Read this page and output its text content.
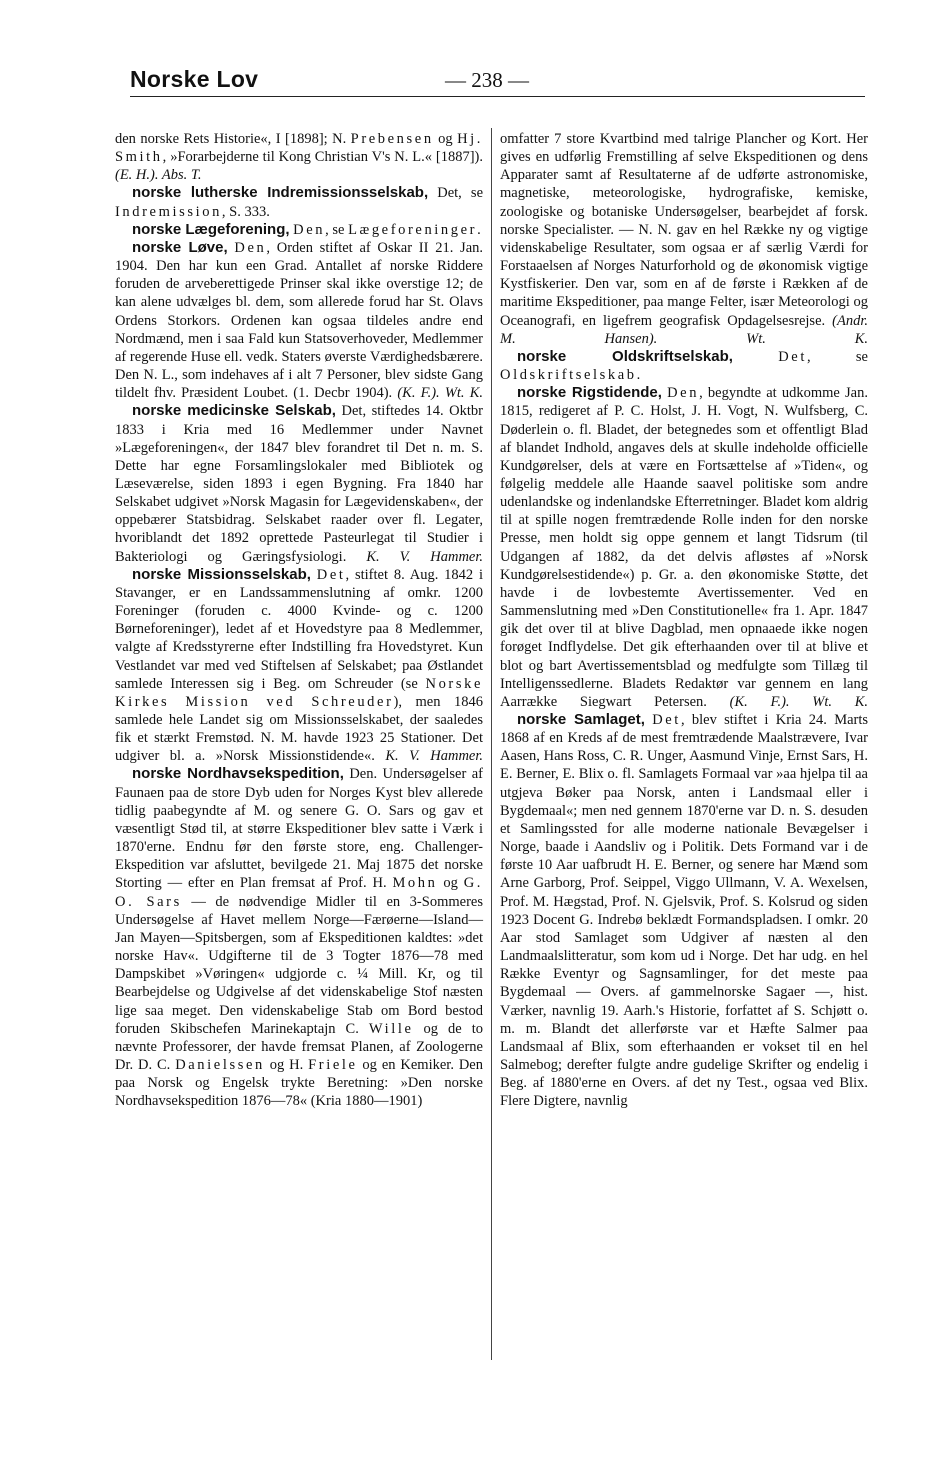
Norske Lov	— 238 —

den norske Rets Historie«, I [1898]; N. Prebensen og Hj. Smith, »Forarbejderne til Kong Christian V's N. L.« [1887]). (E. H.). Abs. T.

norske lutherske Indremissionsselskab, Det, se Indremission, S. 333.

norske Lægeforening, Den, se Lægeforeninger.

norske Løve, Den, Orden stiftet af Oskar II 21. Jan. 1904. Den har kun een Grad. Antallet af norske Riddere foruden de arveberettigede Prinser skal ikke overstige 12; de kan alene udvælges bl. dem, som allerede forud har St. Olavs Ordens Storkors. Ordenen kan ogsaa tildeles andre end Nordmænd, men i saa Fald kun Statsoverhoveder, Medlemmer af regerende Huse ell. vedk. Staters øverste Værdighedsbærere. Den N. L., som indehaves af i alt 7 Personer, blev sidste Gang tildelt fhv. Præsident Loubet. (1. Decbr 1904). (K. F.). Wt. K.

norske medicinske Selskab, Det, stiftedes 14. Oktbr 1833 i Kria med 16 Medlemmer under Navnet »Lægeforeningen«, der 1847 blev forandret til Det n. m. S. Dette har egne Forsamlingslokaler med Bibliotek og Læseværelse, siden 1893 i egen Bygning. Fra 1840 har Selskabet udgivet »Norsk Magasin for Lægevidenskaben«, der oppebærer Statsbidrag. Selskabet raader over fl. Legater, hvoriblandt det 1892 oprettede Pasteurlegat til Studier i Bakteriologi og Gæringsfysiologi. K. V. Hammer.

norske Missionsselskab, Det, stiftet 8. Aug. 1842 i Stavanger, er en Landssammenslutning af omkr. 1200 Foreninger (foruden c. 4000 Kvinde- og c. 1200 Børneforeninger), ledet af et Hovedstyre paa 8 Medlemmer, valgte af Kredsstyrerne efter Indstilling fra Hovedstyret. Kun Vestlandet var med ved Stiftelsen af Selskabet; paa Østlandet samlede Interessen sig i Beg. om Schreuder (se Norske Kirkes Mission ved Schreuder), men 1846 samlede hele Landet sig om Missionsselskabet, der saaledes fik et stærkt Fremstød. N. M. havde 1923 25 Stationer. Det udgiver bl. a. »Norsk Missionstidende«. K. V. Hammer.

norske Nordhavsekspedition, Den. Undersøgelser af Faunaen paa de store Dyb uden for Norges Kyst blev allerede tidlig paabegyndte af M. og senere G. O. Sars og gav et væsentligt Stød til, at større Ekspeditioner blev satte i Værk i 1870'erne. Endnu før den første store, eng. Challenger-Ekspedition var afsluttet, bevilgede 21. Maj 1875 det norske Storting — efter en Plan fremsat af Prof. H. Mohn og G. O. Sars — de nødvendige Midler til en 3-Sommeres Undersøgelse af Havet mellem Norge—Færøerne—Island—Jan Mayen—Spitsbergen, som af Ekspeditionen kaldtes: »det norske Hav«. Udgifterne til de 3 Togter 1876—78 med Dampskibet »Vøringen« udgjorde c. ¼ Mill. Kr, og til Bearbejdelse og Udgivelse af det videnskabelige Stof næsten lige saa meget. Den videnskabelige Stab om Bord bestod foruden Skibschefen Marinekaptajn C. Wille og de to nævnte Professorer, der havde fremsat Planen, af Zoologerne Dr. D. C. Danielssen og H. Friele og en Kemiker. Den paa Norsk og Engelsk trykte Beretning: »Den norske Nordhavsekspedition 1876—78« (Kria 1880—1901)

omfatter 7 store Kvartbind med talrige Plancher og Kort. Her gives en udførlig Fremstilling af selve Ekspeditionen og dens Apparater samt af Resultaterne af de udførte astronomiske, magnetiske, meteorologiske, hydrografiske, kemiske, zoologiske og botaniske Undersøgelser, bearbejdet af forsk. norske Specialister. — N. N. gav en hel Række ny og vigtige videnskabelige Resultater, som ogsaa er af særlig Værdi for Forstaaelsen af Norges Naturforhold og de økonomisk vigtige Kystfiskerier. Den var, som en af de første i Rækken af de maritime Ekspeditioner, paa mange Felter, især Meteorologi og Oceanografi, en ligefrem geografisk Opdagelsesrejse. (Andr. M. Hansen). Wt. K.

norske Oldskriftselskab,	Det, se Oldskriftselskab.

norske Rigstidende, Den, begyndte at udkomme Jan. 1815, redigeret af P. C. Holst, J. H. Vogt, N. Wulfsberg, C. Døderlein o. fl. Bladet, der betegnedes som et offentligt Blad af blandet Indhold, angaves dels at skulle indeholde officielle Kundgørelser, dels at være en Fortsættelse af »Tiden«, og følgelig meddele alle Haande saavel politiske som andre udenlandske og indenlandske Efterretninger. Bladet kom aldrig til at spille nogen fremtrædende Rolle inden for den norske Presse, men holdt sig oppe gennem et langt Tidsrum (til Udgangen af 1882, da det delvis afløstes af »Norsk Kundgørelsestidende«) p. Gr. a. den økonomiske Støtte, det havde i de lovbestemte Avertissementer. Ved en Sammenslutning med »Den Constitutionelle« fra 1. Apr. 1847 gik det over til at blive Dagblad, men opnaaede ikke nogen forøget Indflydelse. Det gik efterhaanden over til at blive et blot og bart Avertissementsblad og medfulgte som Tillæg til Intelligenssedlerne. Bladets Redaktør var gennem en lang Aarrække Siegwart Petersen. (K. F.). Wt. K.

norske Samlaget, Det, blev stiftet i Kria 24. Marts 1868 af en Kreds af de mest fremtrædende Maalstrævere, Ivar Aasen, Hans Ross, C. R. Unger, Aasmund Vinje, Ernst Sars, H. E. Berner, E. Blix o. fl. Samlagets Formaal var »aa hjelpa til aa utgjeva Bøker paa Norsk, anten i Landsmaal eller i Bygdemaal«; men ned gennem 1870'erne var D. n. S. desuden et Samlingssted for alle moderne nationale Bevægelser i Norge, baade i Aandsliv og i Politik. Dets Formand var i de første 10 Aar uafbrudt H. E. Berner, og senere har Mænd som Arne Garborg, Prof. Seippel, Viggo Ullmann, V. A. Wexelsen, Prof. M. Hægstad, Prof. N. Gjelsvik, Prof. S. Kolsrud og siden 1923 Docent G. Indrebø beklædt Formandspladsen. I omkr. 20 Aar stod Samlaget som Udgiver af næsten al den Landmaalslitteratur, som kom ud i Norge. Det har udg. en hel Række Eventyr og Sagnsamlinger, for det meste paa Bygdemaal — Overs. af gammelnorske Sagaer —, hist. Værker, navnlig 19. Aarh.'s Historie, forfattet af S. Schjøtt o. m. m. Blandt det allerførste var et Hæfte Salmer paa Landsmaal af Blix, som efterhaanden er vokset til en hel Salmebog; derefter fulgte andre gudelige Skrifter og endelig i Beg. af 1880'erne en Overs. af det ny Test., ogsaa ved Blix. Flere Digtere, navnlig
